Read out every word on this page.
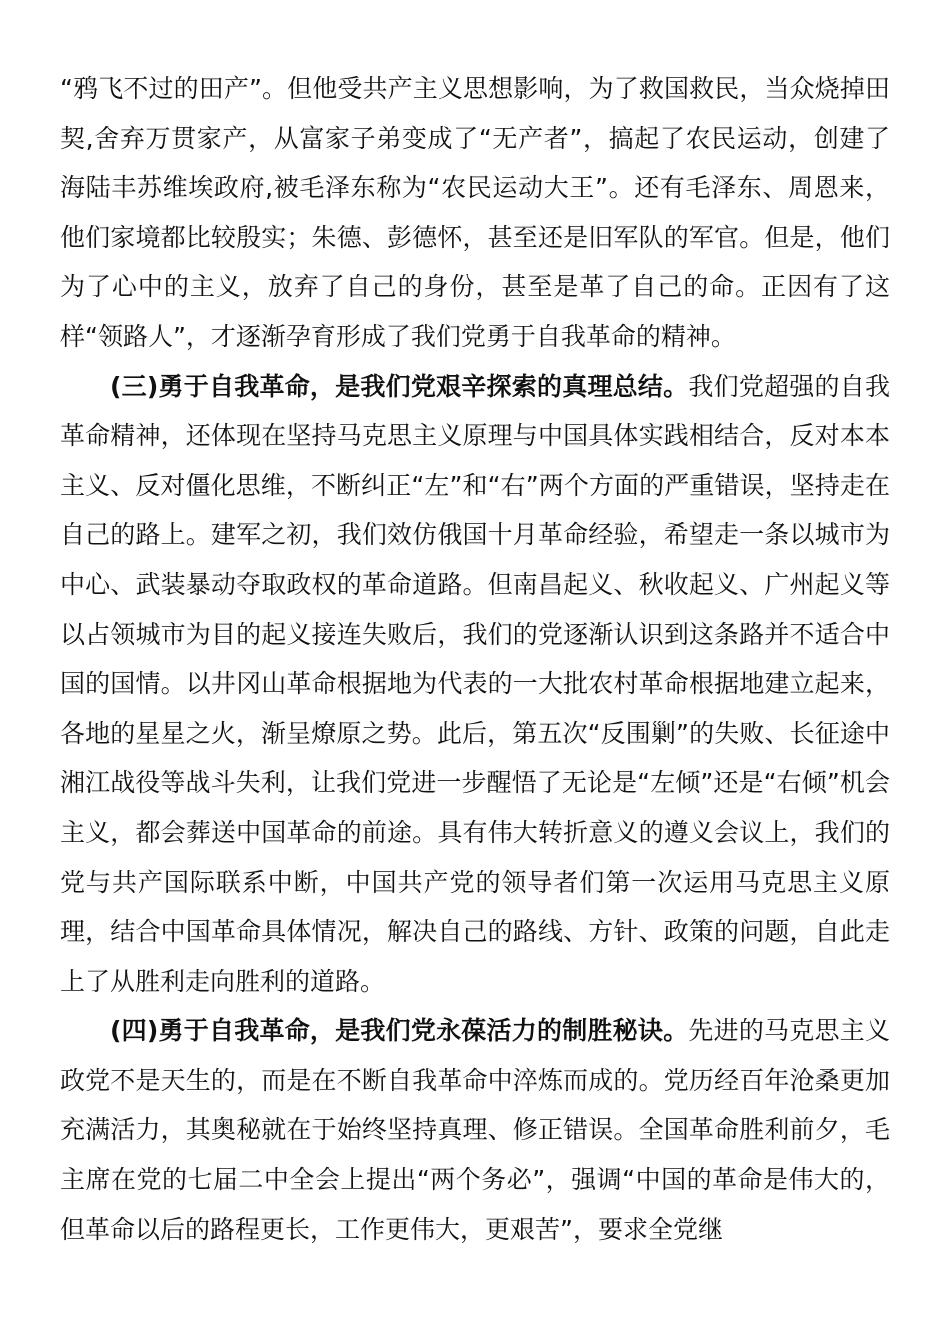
“鸦飞不过的田产”。但他受共产主义思想影响，为了救国救民，当众烧掉田契,舍弃万贯家产，从富家子弟变成了“无产者”，搞起了农民运动，创建了海陆丰苏维埃政府,被毛泽东称为“农民运动大王”。还有毛泽东、周恩来，他们家境都比较殷实；朱德、彭德怀，甚至还是旧军队的军官。但是，他们为了心中的主义，放弃了自己的身份，甚至是革了自己的命。正因有了这样“领路人”，才逐渐孕育形成了我们党勇于自我革命的精神。

(三)勇于自我革命，是我们党艰辛探索的真理总结。我们党超强的自我革命精神，还体现在坚持马克思主义原理与中国具体实践相结合，反对本本主义、反对僵化思维，不断纠正“左”和“右”两个方面的严重错误，坚持走在自己的路上。建军之初，我们效仿俄国十月革命经验，希望走一条以城市为中心、武装暴动夺取政权的革命道路。但南昌起义、秋收起义、广州起义等以占领城市为目的起义接连失败后，我们的党逐渐认识到这条路并不适合中国的国情。以井冈山革命根据地为代表的一大批农村革命根据地建立起来，各地的星星之火，渐呈燎原之势。此后，第五次“反围剿”的失败、长征途中湘江战役等战斗失利，让我们党进一步醒悟了无论是“左倾”还是“右倾”机会主义，都会葬送中国革命的前途。具有伟大转折意义的遵义会议上，我们的党与共产国际联系中断，中国共产党的领导者们第一次运用马克思主义原理，结合中国革命具体情况，解决自己的路线、方针、政策的问题，自此走上了从胜利走向胜利的道路。

(四)勇于自我革命，是我们党永葆活力的制胜秘诀。先进的马克思主义政党不是天生的，而是在不断自我革命中淬炼而成的。党历经百年沧桑更加充满活力，其奥秘就在于始终坚持真理、修正错误。全国革命胜利前夕，毛主席在党的七届二中全会上提出“两个务必”，强调“中国的革命是伟大的，但革命以后的路程更长，工作更伟大，更艰苦”，要求全党继
